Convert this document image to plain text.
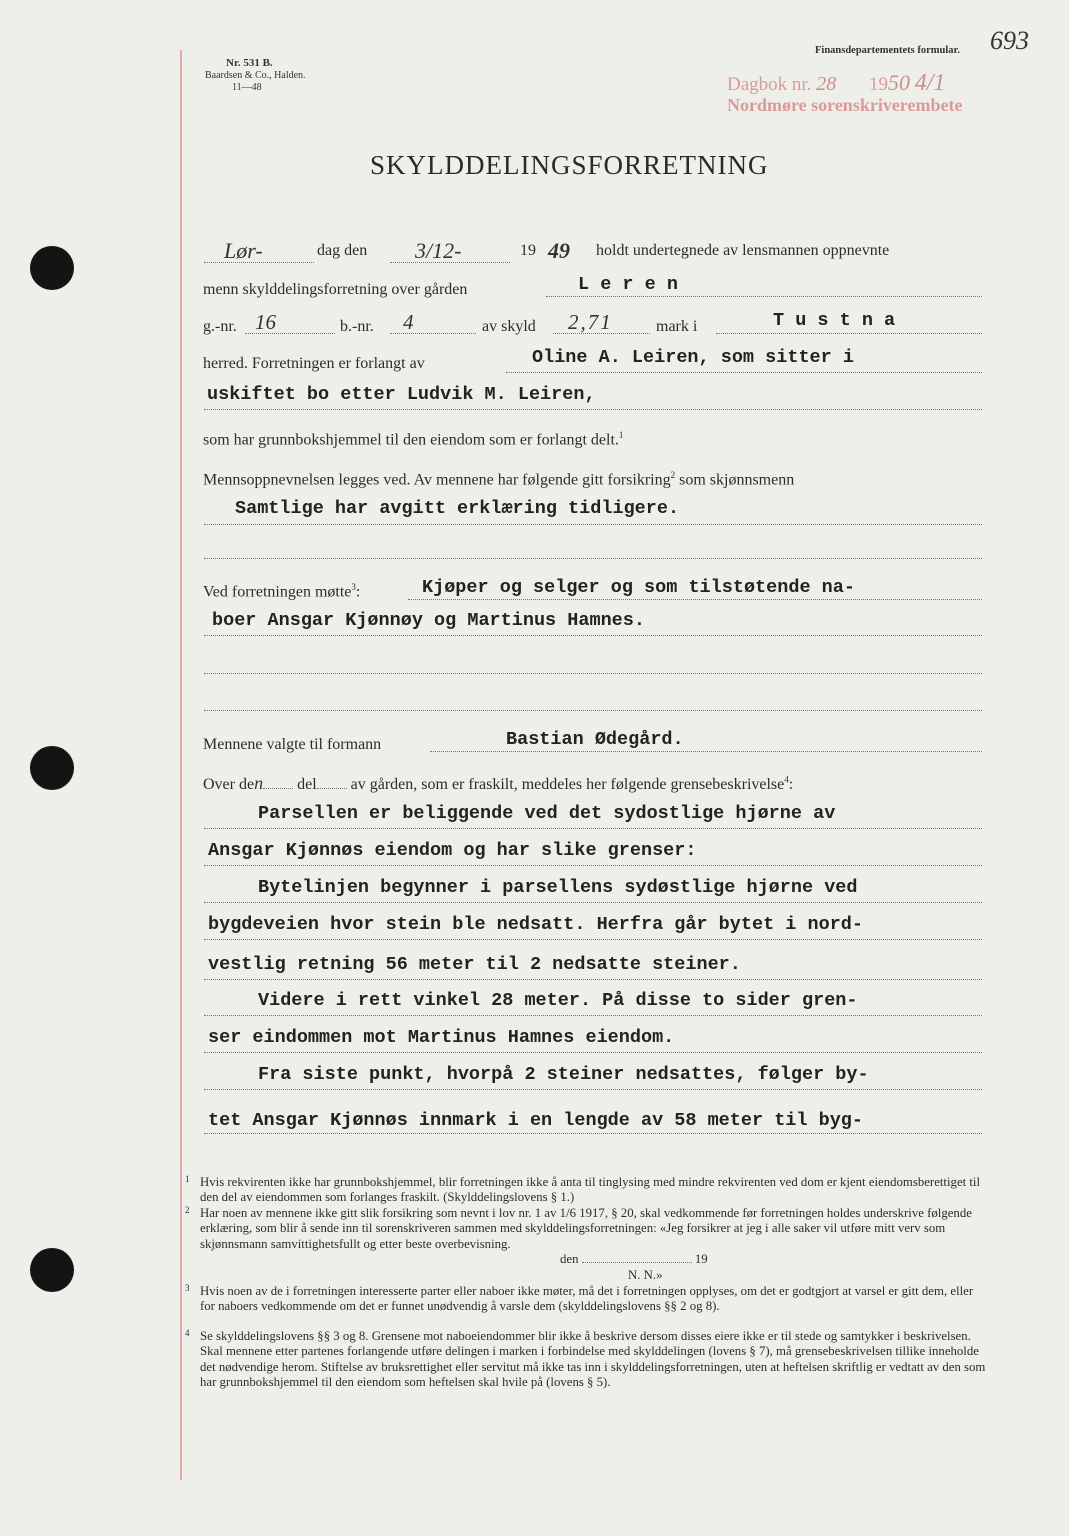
Nr. 531 B.
Baardsen & Co., Halden.
11—48
Finansdepartementets formular. 693
Dagbok nr. 28 1950 4/1
Nordmøre sorenskriverembete
SKYLDDELINGSFORRETNING
Lør-	dag den 3/12-	19 49 holdt undertegnede av lensmannen oppnevnte
menn skylddelingsforretning over gården	L e r e n
g.-nr. 16	b.-nr. 4	av skyld 2,71	mark i	T u s t n a
herred. Forretningen er forlangt av	Oline A. Leiren, som sitter i
uskiftet bo etter Ludvik M. Leiren,
som har grunnbokshjemmel til den eiendom som er forlangt delt.$^1$
Mennsoppnevnelsen legges ved. Av mennene har følgende gitt forsikring$^2$ som skjønnsmenn
Samtlige har avgitt erklæring tidligere.
Ved forretningen møtte$^3$:	Kjøper og selger og som tilstøtende na-
boer Ansgar Kjønnøy og Martinus Hamnes.
Mennene valgte til formann	Bastian Ødegård.
Over den del av gården, som er fraskilt, meddeles her følgende grensebeskrivelse$^4$:
Parsellen er beliggende ved det sydostlige hjørne av
Ansgar Kjønnøs eiendom og har slike grenser:
Bytelinjen begynner i parsellens sydøstlige hjørne ved
bygdeveien hvor stein ble nedsatt. Herfra går bytet i nord-
vestlig retning 56 meter til 2 nedsatte steiner.
Videre i rett vinkel 28 meter. På disse to sider gren-
ser eindommen mot Martinus Hamnes eiendom.
Fra siste punkt, hvorpå 2 steiner nedsattes, følger by-
tet Ansgar Kjønnøs innmark i en lengde av 58 meter til byg-
1 Hvis rekvirenten ikke har grunnbokshjemmel, blir forretningen ikke å anta til tinglysing med mindre rekvirenten ved dom er kjent eiendomsberettiget til den del av eiendommen som forlanges fraskilt. (Skylddelingslovens § 1.)

2 Har noen av mennene ikke gitt slik forsikring som nevnt i lov nr. 1 av 1/6 1917, § 20, skal vedkommende før forretningen holdes underskrive følgende erklæring, som blir å sende inn til sorenskriveren sammen med skylddelingsforretningen: «Jeg forsikrer at jeg i alle saker vil utføre mitt verv som skjønnsmann samvittighetsfullt og etter beste overbevisning.

den	19
N. N.»
3 Hvis noen av de i forretningen interesserte parter eller naboer ikke møter, må det i forretningen opplyses, om det er godtgjort at varsel er gitt dem, eller for naboers vedkommende om det er funnet unødvendig å varsle dem (skylddelingslovens §§ 2 og 8).

4 Se skylddelingslovens §§ 3 og 8. Grensene mot naboeiendommer blir ikke å beskrive dersom disses eiere ikke er til stede og samtykker i beskrivelsen. Skal mennene etter partenes forlangende utføre delingen i marken i forbindelse med skylddelingen (lovens § 7), må grensebeskrivelsen tillike inneholde det nødvendige herom. Stiftelse av bruksrettighet eller servitut må ikke tas inn i skylddelingsforretningen, uten at heftelsen skriftlig er vedtatt av den som har grunnbokshjemmel til den eiendom som heftelsen skal hvile på (lovens § 5).
